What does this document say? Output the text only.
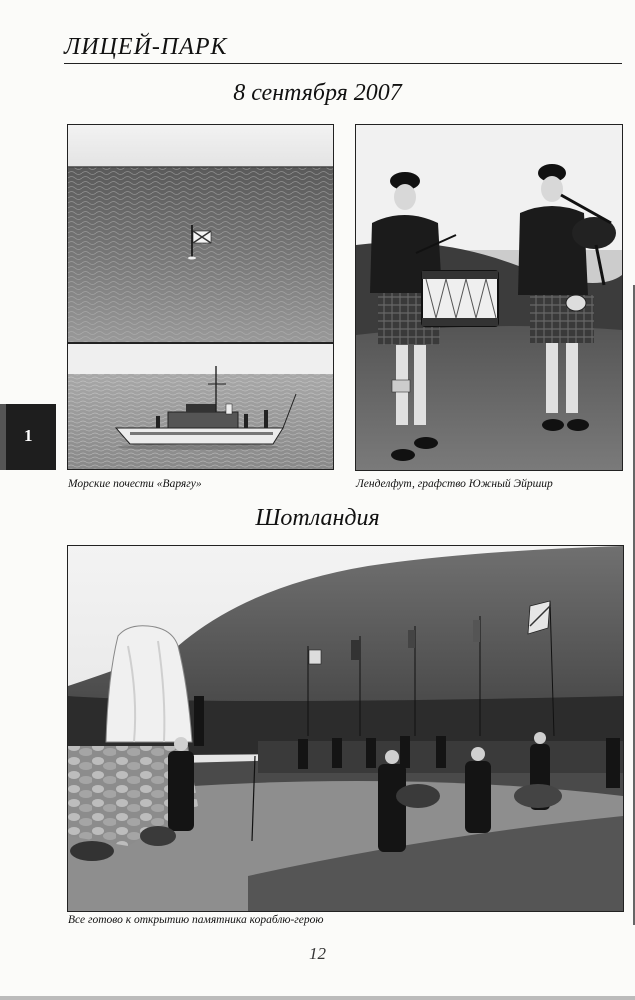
ЛИЦЕЙ-ПАРК
8 сентября 2007
Морские почести «Варягу»	Ленделфут, графство Южный Эйршир
Шотландия
1
Все готово к открытию памятника кораблю-герою
12
